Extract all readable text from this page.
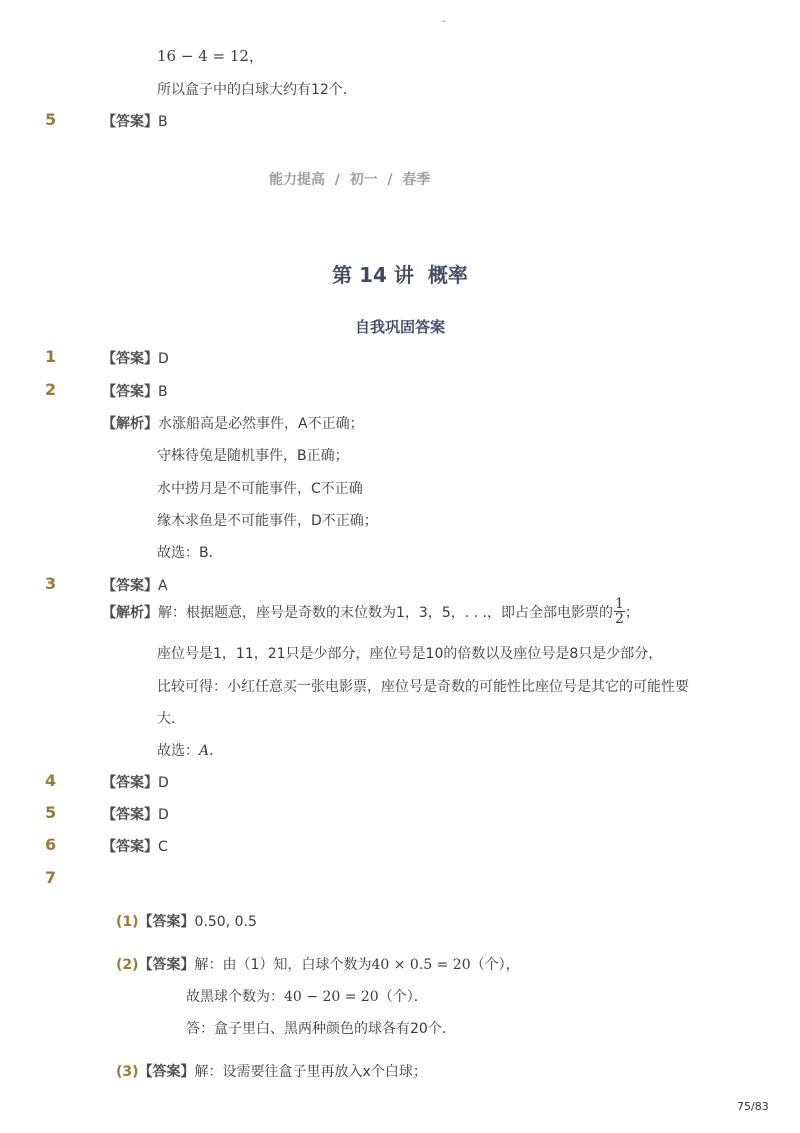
-
16 − 4 = 12，
所以盒子中的白球大约有12个．
5	【答案】B
能力提高  /  初一  /  春季
第 14 讲  概率
自我巩固答案
1	【答案】D
2	【答案】B
【解析】水涨船高是必然事件，A不正确；
守株待兔是随机事件，B正确；
水中捞月是不可能事件，C不正确
缘木求鱼是不可能事件，D不正确；
故选：B．
3	【答案】A
【解析】 解：根据题意，座号是奇数的末位数为1，3，5，. . .，即占全部电影票的 $\frac{1}{2}$ ；
座位号是1，11，21只是少部分，座位号是10的倍数以及座位号是8只是少部分，
比较可得：小红任意买一张电影票，座位号是奇数的可能性比座位号是其它的可能性要
大．
故选：A．
4	【答案】D
5	【答案】D
6	【答案】C
7
(1)【答案】0.50, 0.5
(2)【答案】解：由（1）知，白球个数为40 × 0.5 = 20（个），
故黑球个数为：40 − 20 = 20（个）．
答：盒子里白、黑两种颜色的球各有20个．
(3)【答案】解：设需要往盒子里再放入x个白球；
75/83
